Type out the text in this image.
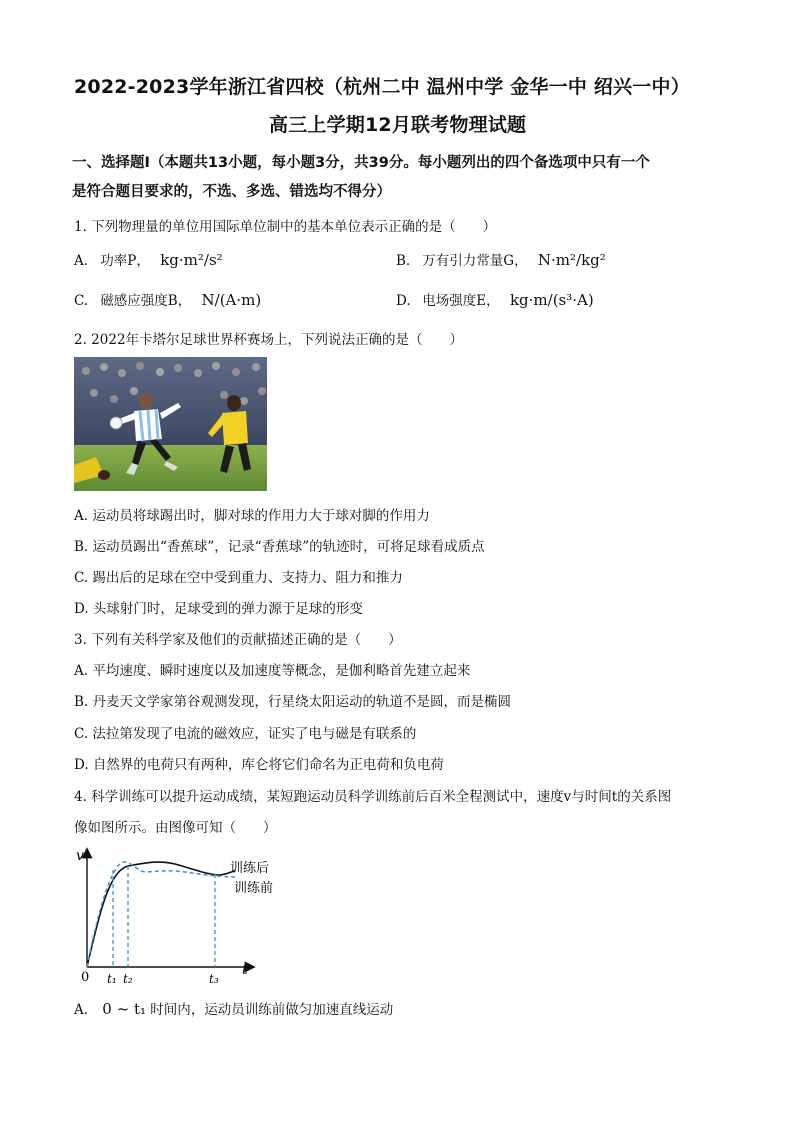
2022-2023学年浙江省四校（杭州二中 温州中学 金华一中 绍兴一中）
高三上学期12月联考物理试题
一、选择题Ⅰ（本题共13小题，每小题3分，共39分。每小题列出的四个备选项中只有一个
是符合题目要求的，不选、多选、错选均不得分）
1. 下列物理量的单位用国际单位制中的基本单位表示正确的是（　　）
A. 功率P， kg·m²/s²	B. 万有引力常量G， N·m²/kg²
C. 磁感应强度B， N/(A·m)	D. 电场强度E， kg·m/(s³·A)
2. 2022年卡塔尔足球世界杯赛场上，下列说法正确的是（　　）
A. 运动员将球踢出时，脚对球的作用力大于球对脚的作用力
B. 运动员踢出“香蕉球”，记录“香蕉球”的轨迹时，可将足球看成质点
C. 踢出后的足球在空中受到重力、支持力、阻力和推力
D. 头球射门时，足球受到的弹力源于足球的形变
3. 下列有关科学家及他们的贡献描述正确的是（　　）
A. 平均速度、瞬时速度以及加速度等概念，是伽利略首先建立起来
B. 丹麦天文学家第谷观测发现，行星绕太阳运动的轨道不是圆，而是椭圆
C. 法拉第发现了电流的磁效应，证实了电与磁是有联系的
D. 自然界的电荷只有两种，库仑将它们命名为正电荷和负电荷
4. 科学训练可以提升运动成绩，某短跑运动员科学训练前后百米全程测试中，速度v与时间t的关系图
像如图所示。由图像可知（　　）
v
t
0 t₁ t₂	t₃
训练后
训练前
A. 0 ~ t₁ 时间内，运动员训练前做匀加速直线运动
